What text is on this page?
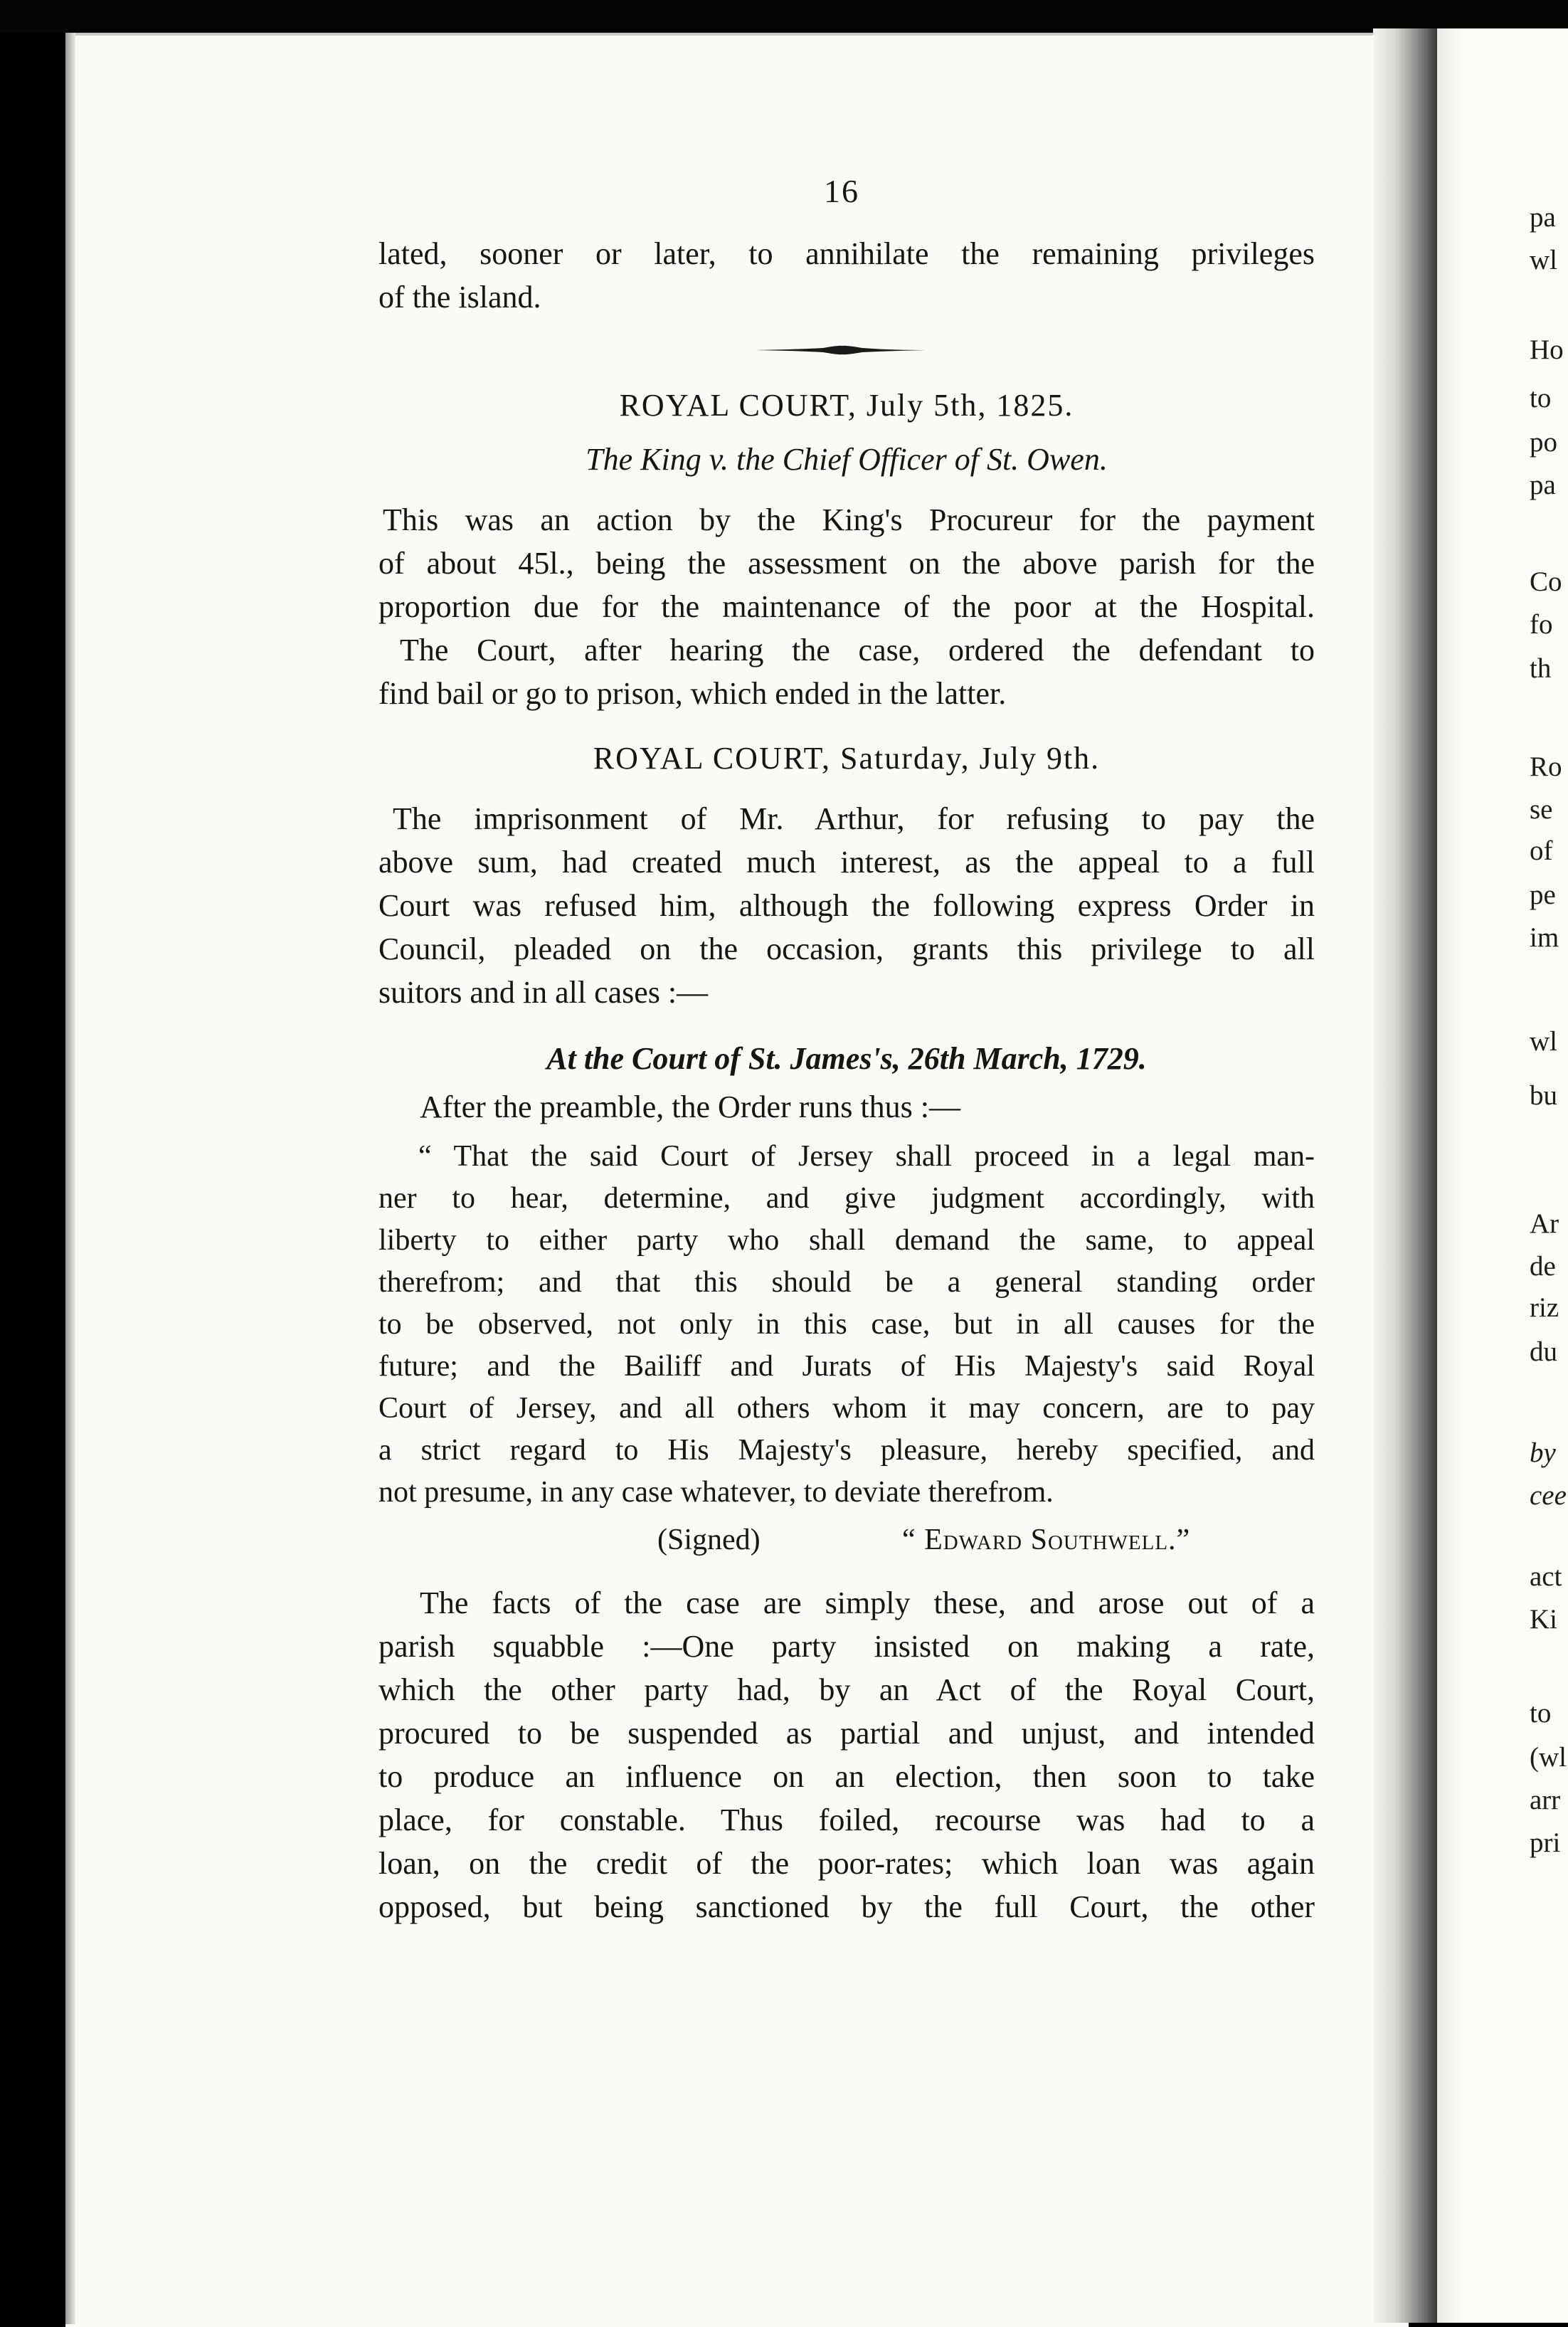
pa
wl
Ho
to
po
pa
Co
fo
th
Ro
se
of
pe
im
wl
bu
Ar
de
riz
du
by
cee
act
Ki
to
(wl
arr
pri
16

lated, sooner or later, to annihilate the remaining privileges

of the island.

ROYAL COURT, July 5th, 1825.

The King v. the Chief Officer of St. Owen.

This was an action by the King's Procureur for the payment

of about 45l., being the assessment on the above parish for the

proportion due for the maintenance of the poor at the Hospital.

The Court, after hearing the case, ordered the defendant to

find bail or go to prison, which ended in the latter.

ROYAL COURT, Saturday, July 9th.

The imprisonment of Mr. Arthur, for refusing to pay the

above sum, had created much interest, as the appeal to a full

Court was refused him, although the following express Order in

Council, pleaded on the occasion, grants this privilege to all

suitors and in all cases :—

At the Court of St. James's, 26th March, 1729.

After the preamble, the Order runs thus :—

“ That the said Court of Jersey shall proceed in a legal man-

ner to hear, determine, and give judgment accordingly, with

liberty to either party who shall demand the same, to appeal

therefrom; and that this should be a general standing order

to be observed, not only in this case, but in all causes for the

future; and the Bailiff and Jurats of His Majesty's said Royal

Court of Jersey, and all others whom it may concern, are to pay

a strict regard to His Majesty's pleasure, hereby specified, and

not presume, in any case whatever, to deviate therefrom.

(Signed)	“ Edward Southwell.”

The facts of the case are simply these, and arose out of a

parish squabble :—One party insisted on making a rate,

which the other party had, by an Act of the Royal Court,

procured to be suspended as partial and unjust, and intended

to produce an influence on an election, then soon to take

place, for constable. Thus foiled, recourse was had to a

loan, on the credit of the poor-rates; which loan was again

opposed, but being sanctioned by the full Court, the other
